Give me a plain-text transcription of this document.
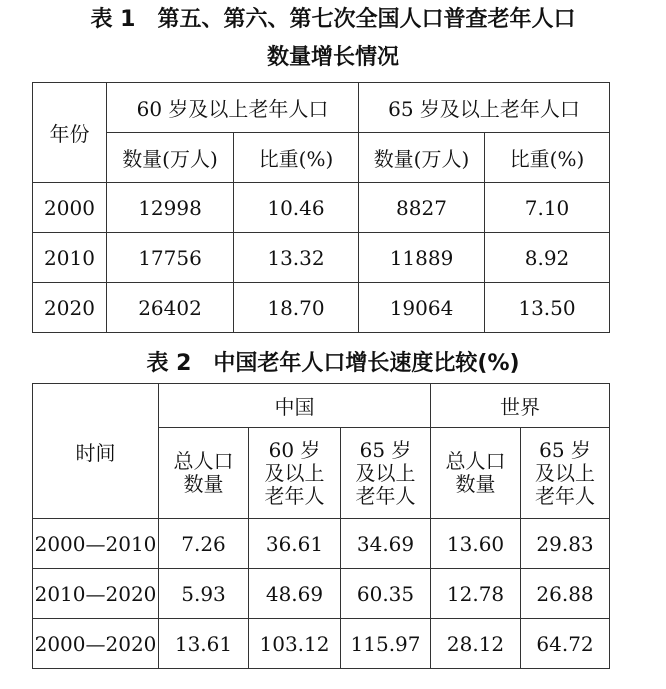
表 1　第五、第六、第七次全国人口普查老年人口
数量增长情况
年份	60 岁及以上老年人口		65 岁及以上老年人口	
	数量(万人)	比重(%)	数量(万人)	比重(%)
2000	12998	10.46	8827	7.10
2010	17756	13.32	11889	8.92
2020	26402	18.70	19064	13.50
表 2　中国老年人口增长速度比较(%)
时间	中国			世界	

	总人口数量	60 岁及以上老年人	65 岁及以上老年人	总人口数量	65 岁及以上老年人

2000—2010	7.26	36.61	34.69	13.60	29.83
2010—2020	5.93	48.69	60.35	12.78	26.88
2000—2020	13.61	103.12	115.97	28.12	64.72
